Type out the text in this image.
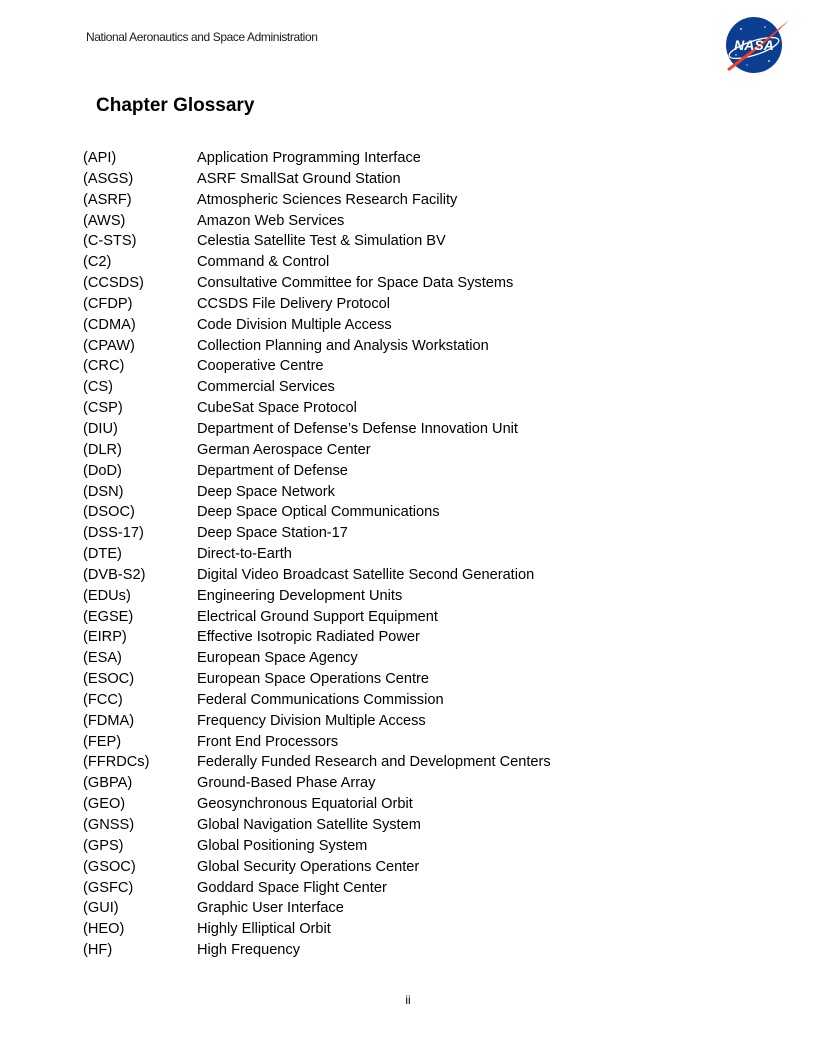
National Aeronautics and Space Administration	NASA
Chapter Glossary
(API)	Application Programming Interface
(ASGS)	ASRF SmallSat Ground Station
(ASRF)	Atmospheric Sciences Research Facility
(AWS)	Amazon Web Services
(C-STS)	Celestia Satellite Test & Simulation BV
(C2)	Command & Control
(CCSDS)	Consultative Committee for Space Data Systems
(CFDP)	CCSDS File Delivery Protocol
(CDMA)	Code Division Multiple Access
(CPAW)	Collection Planning and Analysis Workstation
(CRC)	Cooperative Centre
(CS)	Commercial Services
(CSP)	CubeSat Space Protocol
(DIU)	Department of Defense’s Defense Innovation Unit
(DLR)	German Aerospace Center
(DoD)	Department of Defense
(DSN)	Deep Space Network
(DSOC)	Deep Space Optical Communications
(DSS-17)	Deep Space Station-17
(DTE)	Direct-to-Earth
(DVB-S2)	Digital Video Broadcast Satellite Second Generation
(EDUs)	Engineering Development Units
(EGSE)	Electrical Ground Support Equipment
(EIRP)	Effective Isotropic Radiated Power
(ESA)	European Space Agency
(ESOC)	European Space Operations Centre
(FCC)	Federal Communications Commission
(FDMA)	Frequency Division Multiple Access
(FEP)	Front End Processors
(FFRDCs)	Federally Funded Research and Development Centers
(GBPA)	Ground-Based Phase Array
(GEO)	Geosynchronous Equatorial Orbit
(GNSS)	Global Navigation Satellite System
(GPS)	Global Positioning System
(GSOC)	Global Security Operations Center
(GSFC)	Goddard Space Flight Center
(GUI)	Graphic User Interface
(HEO)	Highly Elliptical Orbit
(HF)	High Frequency
ii
